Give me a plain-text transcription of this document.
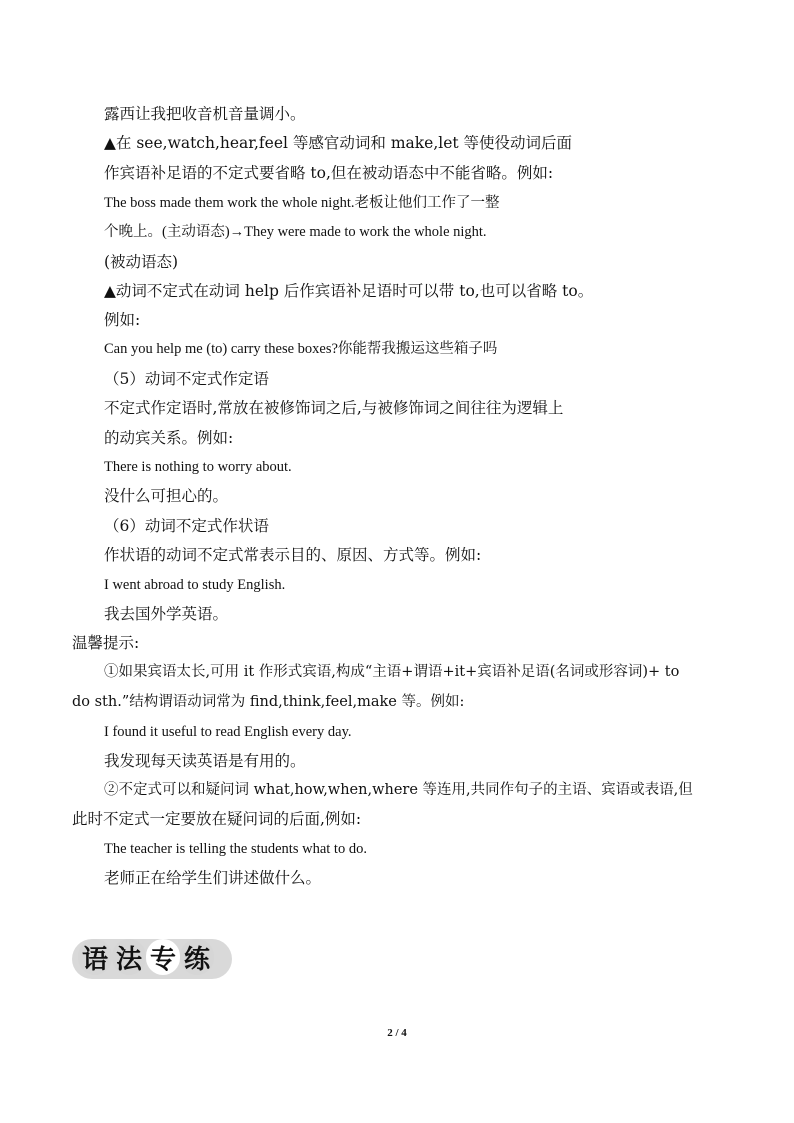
露西让我把收音机音量调小。
▲在 see,watch,hear,feel 等感官动词和 make,let 等使役动词后面
作宾语补足语的不定式要省略 to,但在被动语态中不能省略。例如:
The boss made them work the whole night.老板让他们工作了一整
个晚上。(主动语态)→They were made to work the whole night.
(被动语态)
▲动词不定式在动词 help 后作宾语补足语时可以带 to,也可以省略 to。
例如:
Can you help me (to) carry these boxes?你能帮我搬运这些箱子吗
（5）动词不定式作定语
不定式作定语时,常放在被修饰词之后,与被修饰词之间往往为逻辑上
的动宾关系。例如:
There is nothing to worry about.
没什么可担心的。
（6）动词不定式作状语
作状语的动词不定式常表示目的、原因、方式等。例如:
I went abroad to study English.
我去国外学英语。
温馨提示:
①如果宾语太长,可用 it 作形式宾语,构成“主语+谓语+it+宾语补足语(名词或形容词)+ to
do sth.”结构谓语动词常为 find,think,feel,make 等。例如:
I found it useful to read English every day.
我发现每天读英语是有用的。
②不定式可以和疑问词 what,how,when,where 等连用,共同作句子的主语、宾语或表语,但
此时不定式一定要放在疑问词的后面,例如:
The teacher is telling the students what to do.
老师正在给学生们讲述做什么。
语 法 专 练
2 / 4
